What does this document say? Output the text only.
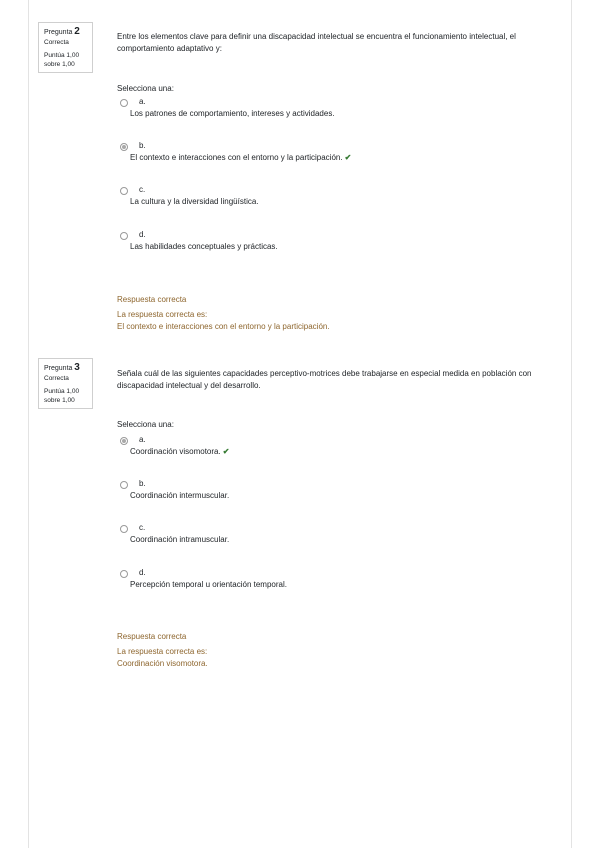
Pregunta 2
Correcta
Puntúa 1,00
sobre 1,00

Entre los elementos clave para definir una discapacidad intelectual se encuentra el funcionamiento intelectual, el comportamiento adaptativo y:

Selecciona una:
a.
Los patrones de comportamiento, intereses y actividades.
b.
El contexto e interacciones con el entorno y la participación. ✔
c.
La cultura y la diversidad lingüística.
d.
Las habilidades conceptuales y prácticas.
Respuesta correcta
La respuesta correcta es:
El contexto e interacciones con el entorno y la participación.
Pregunta 3
Correcta
Puntúa 1,00
sobre 1,00

Señala cuál de las siguientes capacidades perceptivo-motrices debe trabajarse en especial medida en población con discapacidad intelectual y del desarrollo.

Selecciona una:
a.
Coordinación visomotora. ✔
b.
Coordinación intermuscular.
c.
Coordinación intramuscular.
d.
Percepción temporal u orientación temporal.
Respuesta correcta
La respuesta correcta es:
Coordinación visomotora.
